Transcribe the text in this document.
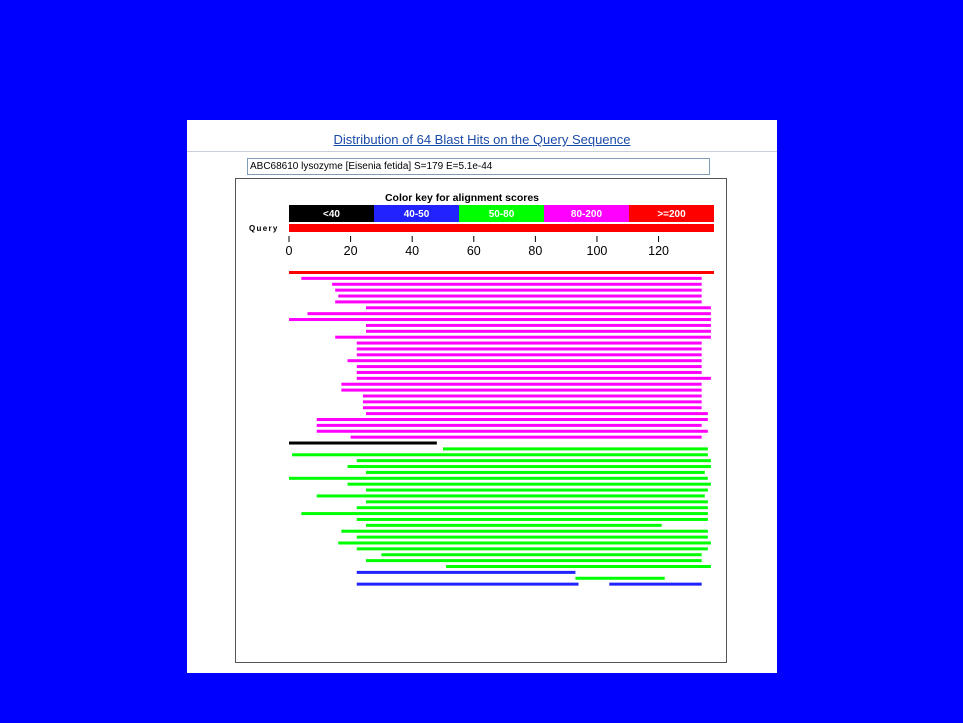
Distribution of 64 Blast Hits on the Query Sequence
ABC68610 lysozyme [Eisenia fetida] S=179 E=5.1e-44
Color key for alignment scores
<40	40-50	50-80	80-200	>=200
Query
0	20	40	60	80	100	120
